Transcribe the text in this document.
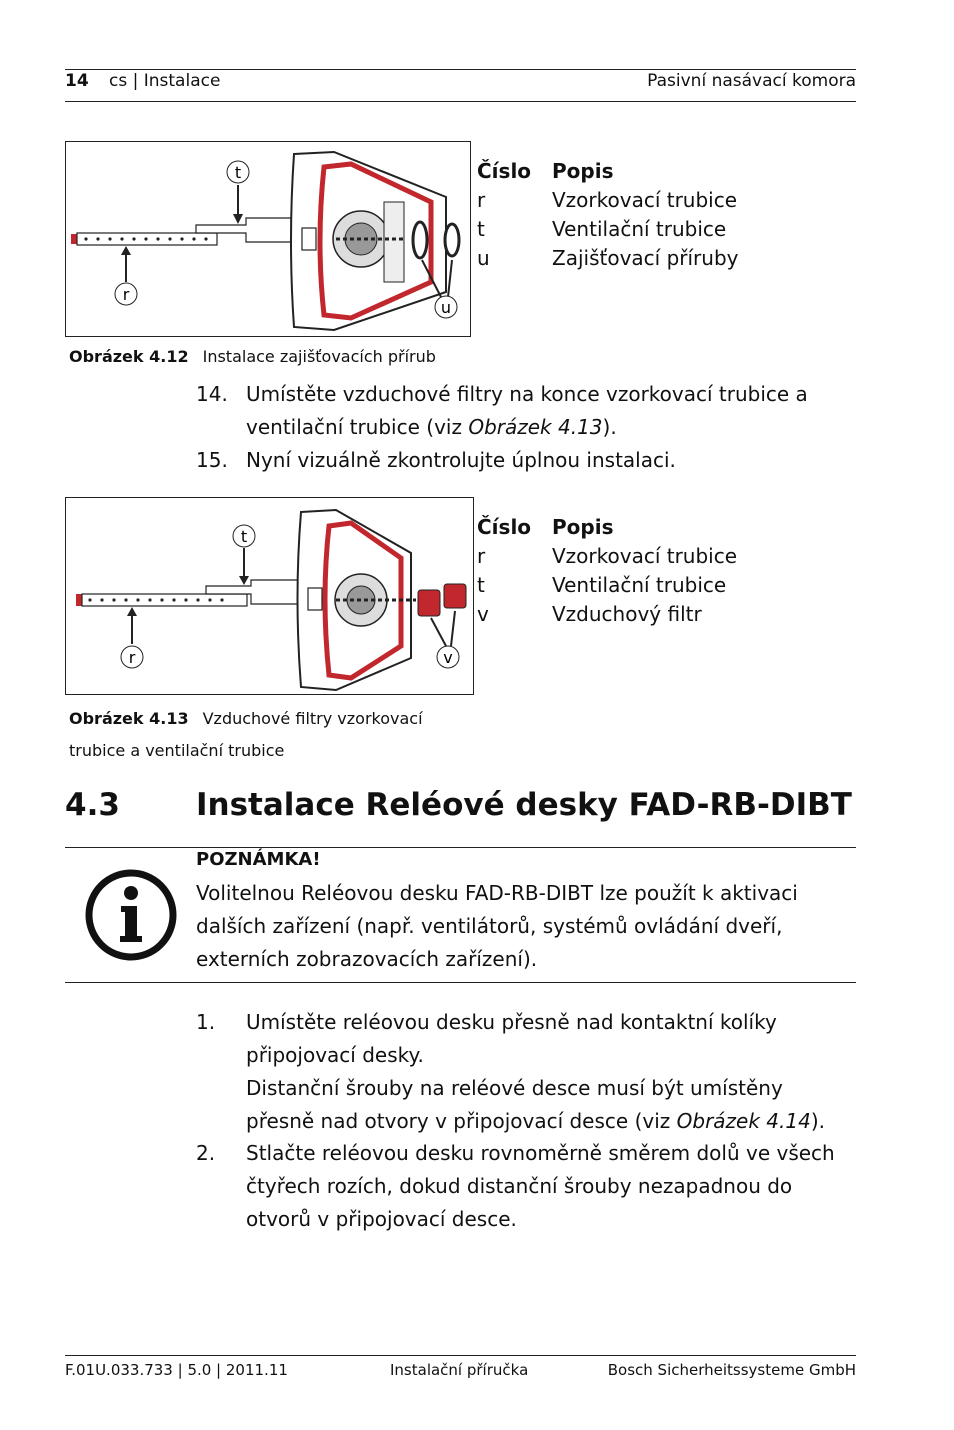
14 cs | Instalace	Pasivní nasávací komora
t
r
u
Číslo	Popis
r	Vzorkovací trubice
t	Ventilační trubice
u	Zajišťovací příruby
Obrázek 4.12 Instalace zajišťovacích přírub
14. Umístěte vzduchové filtry na konce vzorkovací trubice a ventilační trubice (viz Obrázek 4.13).
15. Nyní vizuálně zkontrolujte úplnou instalaci.
t
r	v
Číslo	Popis
r	Vzorkovací trubice
t	Ventilační trubice
v	Vzduchový filtr
Obrázek 4.13 Vzduchové filtry vzorkovací
trubice a ventilační trubice
4.3 Instalace Reléové desky FAD-RB-DIBT
POZNÁMKA!
Volitelnou Reléovou desku FAD-RB-DIBT lze použít k aktivaci
dalších zařízení (např. ventilátorů, systémů ovládání dveří,
externích zobrazovacích zařízení).
1. Umístěte reléovou desku přesně nad kontaktní kolíky
připojovací desky.
Distanční šrouby na reléové desce musí být umístěny
přesně nad otvory v připojovací desce (viz Obrázek 4.14).
2. Stlačte reléovou desku rovnoměrně směrem dolů ve všech
čtyřech rozích, dokud distanční šrouby nezapadnou do
otvorů v připojovací desce.
F.01U.033.733 | 5.0 | 2011.11	Instalační příručka	Bosch Sicherheitssysteme GmbH
